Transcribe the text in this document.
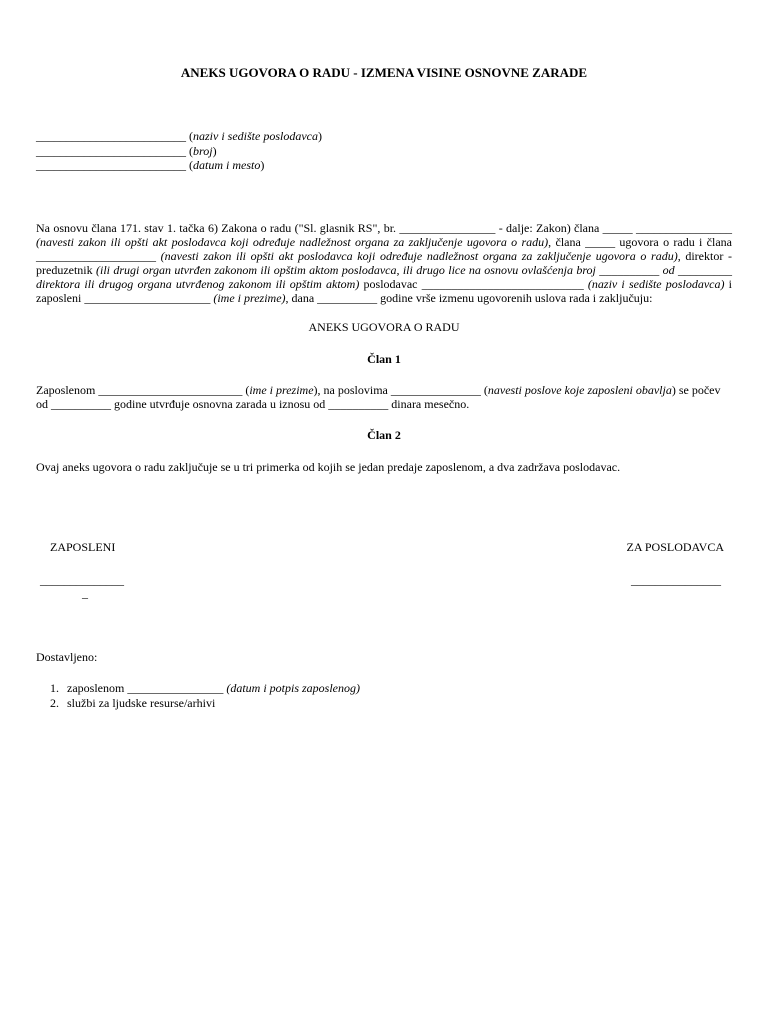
ANEKS UGOVORA O RADU - IZMENA VISINE OSNOVNE ZARADE
_________________________ (naziv i sedište poslodavca)
_________________________ (broj)
_________________________ (datum i mesto)

Na osnovu člana 171. stav 1. tačka 6) Zakona o radu ("Sl. glasnik RS", br. ________________ - dalje: Zakon) člana _____ ________________ (navesti zakon ili opšti akt poslodavca koji određuje nadležnost organa za zaključenje ugovora o radu), člana _____ ugovora o radu i člana ____________________ (navesti zakon ili opšti akt poslodavca koji određuje nadležnost organa za zaključenje ugovora o radu), direktor - preduzetnik (ili drugi organ utvrđen zakonom ili opštim aktom poslodavca, ili drugo lice na osnovu ovlašćenja broj __________ od _________ direktora ili drugog organa utvrđenog zakonom ili opštim aktom) poslodavac ___________________________ (naziv i sedište poslodavca) i zaposleni _____________________ (ime i prezime), dana __________ godine vrše izmenu ugovorenih uslova rada i zaključuju:

ANEKS UGOVORA O RADU
Član 1

Zaposlenom ________________________ (ime i prezime), na poslovima _______________ (navesti poslove koje zaposleni obavlja) se počev od __________ godine utvrđuje osnovna zarada u iznosu od __________ dinara mesečno.

Član 2

Ovaj aneks ugovora o radu zaključuje se u tri primerka od kojih se jedan predaje zaposlenom, a dva zadržava poslodavac.

ZAPOSLENI	ZA POSLODAVCA
______________	_______________
–
Dostavljeno:
1. zaposlenom ________________ (datum i potpis zaposlenog)
2. službi za ljudske resurse/arhivi
